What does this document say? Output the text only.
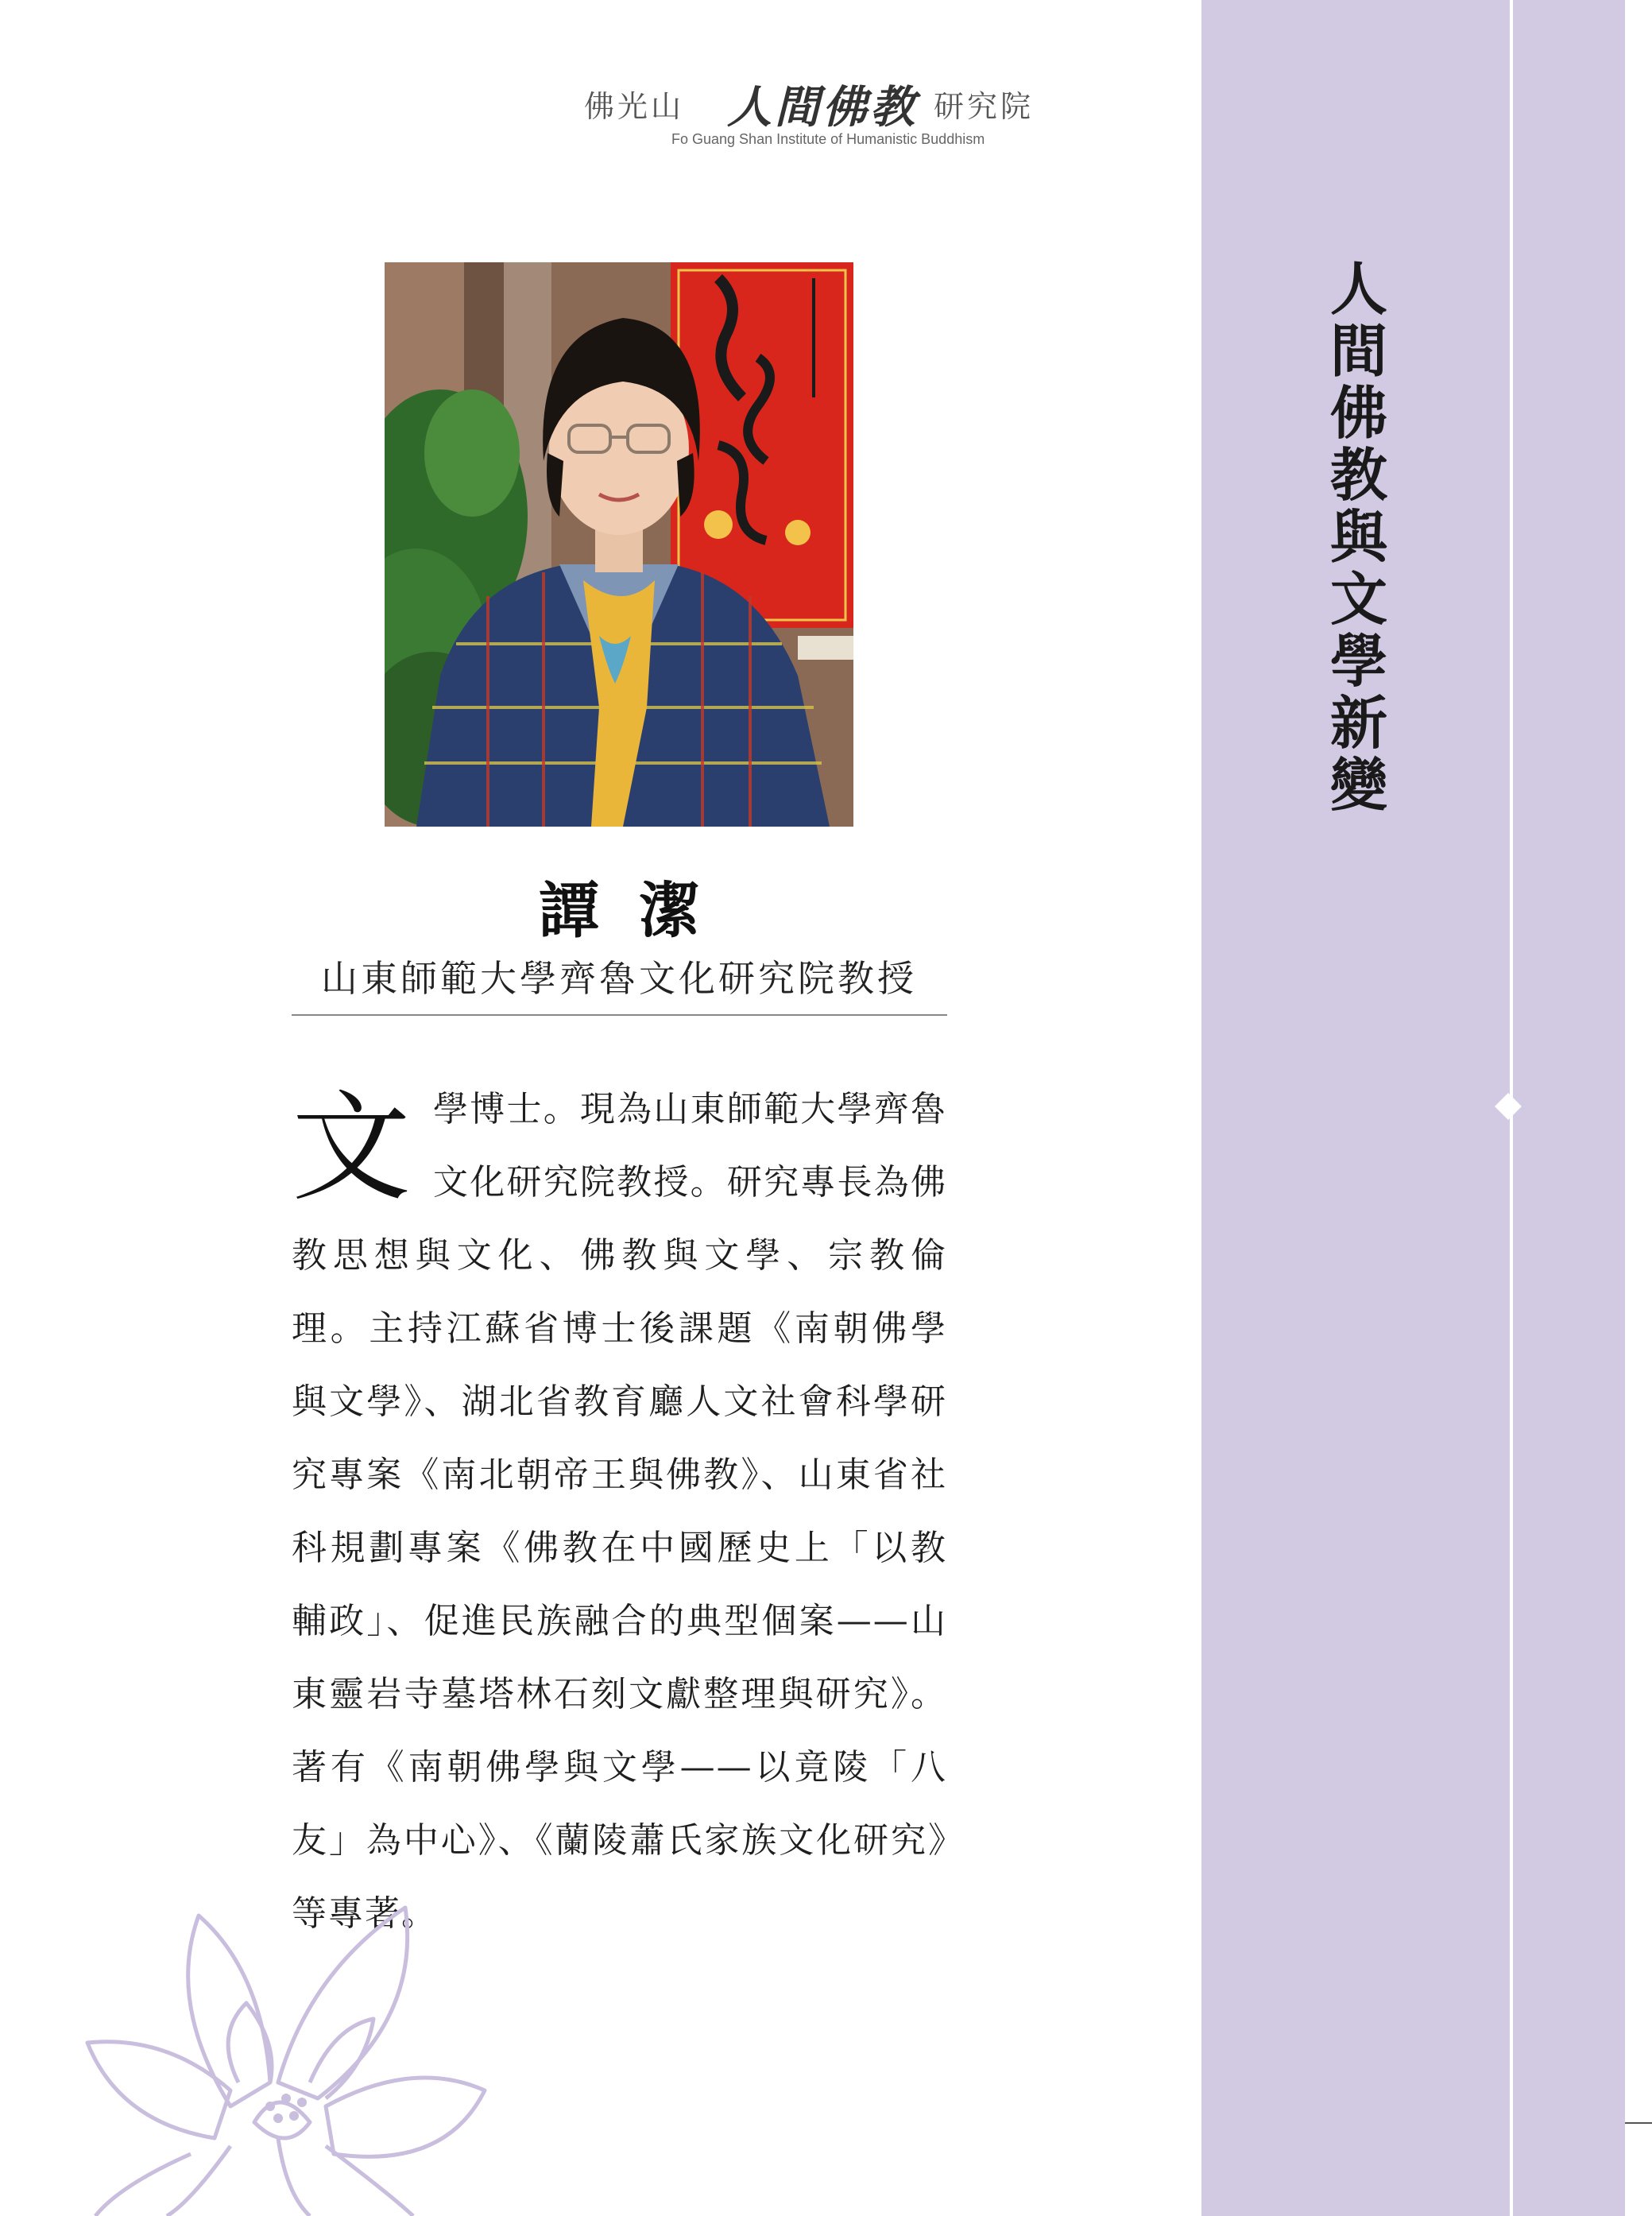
佛光山 人間佛教 研究院
Fo Guang Shan Institute of Humanistic Buddhism
譚潔
山東師範大學齊魯文化研究院教授
文 學博士。現為山東師範大學齊魯文化研究院教授。研究專長為佛教思想與文化、佛教與文學、宗教倫理。主持江蘇省博士後課題《南朝佛學與文學》、湖北省教育廳人文社會科學研究專案《南北朝帝王與佛教》、山東省社科規劃專案《佛教在中國歷史上「以教輔政」、促進民族融合的典型個案——山東靈岩寺墓塔林石刻文獻整理與研究》。著有《南朝佛學與文學——以竟陵「八友」為中心》、《蘭陵蕭氏家族文化研究》等專著。
人間佛教與文學新變
